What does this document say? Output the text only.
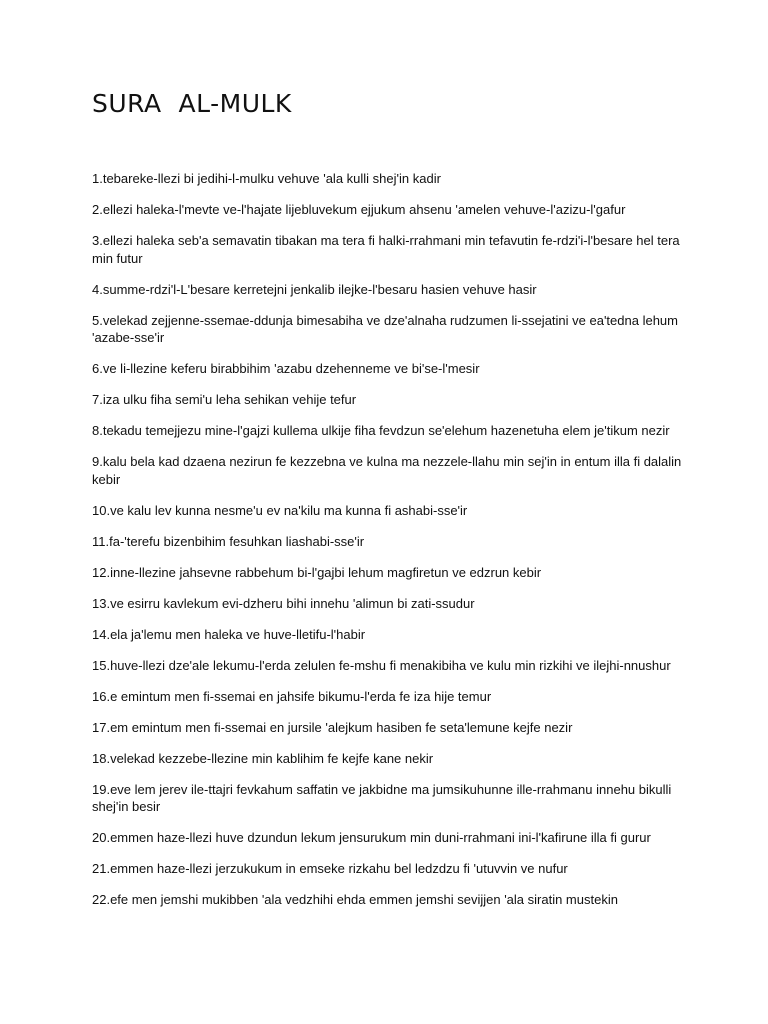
SURA  AL-MULK
1.tebareke-llezi bi jedihi-l-mulku vehuve 'ala kulli shej'in kadir
2.ellezi haleka-l'mevte ve-l'hajate lijebluvekum ejjukum ahsenu 'amelen vehuve-l'azizu-l'gafur
3.ellezi haleka seb'a semavatin tibakan ma tera fi halki-rrahmani min tefavutin fe-rdzi'i-l'besare hel tera min futur
4.summe-rdzi'l-L'besare kerretejni jenkalib ilejke-l'besaru hasien vehuve hasir
5.velekad zejjenne-ssemae-ddunja bimesabiha ve dze'alnaha rudzumen li-ssejatini ve ea'tedna lehum 'azabe-sse'ir
6.ve li-llezine keferu birabbihim 'azabu dzehenneme ve bi'se-l'mesir
7.iza ulku fiha semi'u leha sehikan vehije tefur
8.tekadu temejjezu mine-l'gajzi kullema ulkije fiha fevdzun se'elehum hazenetuha elem je'tikum nezir
9.kalu bela kad dzaena nezirun fe kezzebna ve kulna ma nezzele-llahu min sej'in in entum illa fi dalalin kebir
10.ve kalu lev kunna nesme'u ev na'kilu ma kunna fi ashabi-sse'ir
11.fa-'terefu bizenbihim fesuhkan liashabi-sse'ir
12.inne-llezine jahsevne rabbehum bi-l'gajbi lehum magfiretun ve edzrun kebir
13.ve esirru kavlekum evi-dzheru bihi innehu 'alimun bi zati-ssudur
14.ela ja'lemu men haleka ve huve-lletifu-l'habir
15.huve-llezi dze'ale lekumu-l'erda zelulen fe-mshu fi menakibiha ve kulu min rizkihi ve ilejhi-nnushur
16.e emintum men fi-ssemai en jahsife bikumu-l'erda fe iza hije temur
17.em emintum men fi-ssemai en jursile 'alejkum hasiben fe seta'lemune kejfe nezir
18.velekad kezzebe-llezine min kablihim fe kejfe kane nekir
19.eve lem jerev ile-ttajri fevkahum saffatin ve jakbidne ma jumsikuhunne ille-rrahmanu innehu bikulli shej'in besir
20.emmen haze-llezi huve dzundun lekum jensurukum min duni-rrahmani ini-l'kafirune illa fi gurur
21.emmen haze-llezi jerzukukum in emseke rizkahu bel ledzdzu fi 'utuvvin ve nufur
22.efe men jemshi mukibben 'ala vedzhihi ehda emmen jemshi sevijjen 'ala siratin mustekin
